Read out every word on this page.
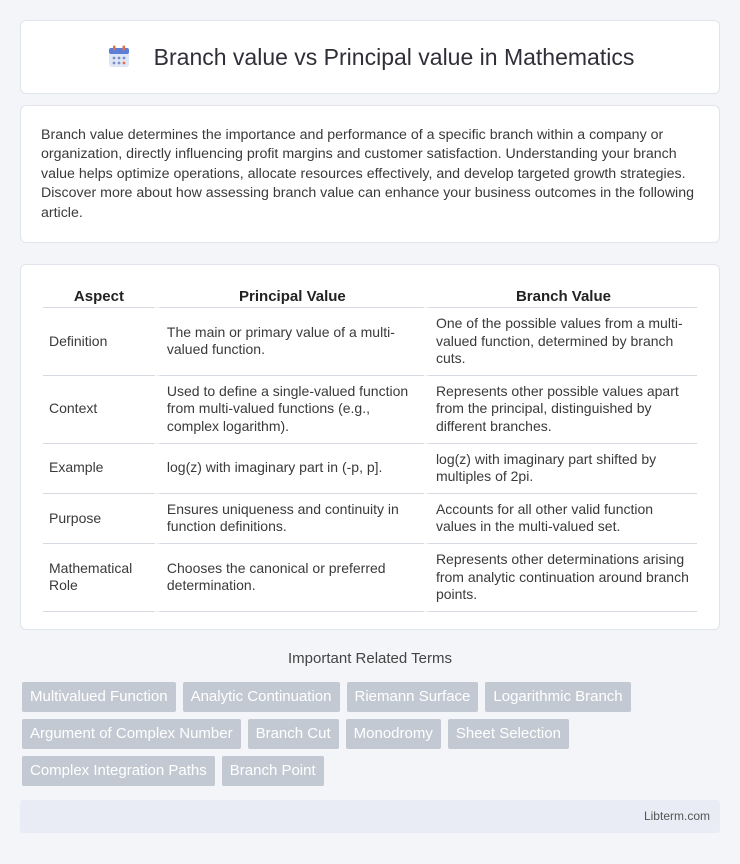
Branch value vs Principal value in Mathematics

Branch value determines the importance and performance of a specific branch within a company or organization, directly influencing profit margins and customer satisfaction. Understanding your branch value helps optimize operations, allocate resources effectively, and develop targeted growth strategies. Discover more about how assessing branch value can enhance your business outcomes in the following article.

Aspect	Principal Value	Branch Value
Definition	The main or primary value of a multi-valued function.	One of the possible values from a multi-valued function, determined by branch cuts.
Context	Used to define a single-valued function from multi-valued functions (e.g., complex logarithm).	Represents other possible values apart from the principal, distinguished by different branches.
Example	log(z) with imaginary part in (-p, p].	log(z) with imaginary part shifted by multiples of 2pi.
Purpose	Ensures uniqueness and continuity in function definitions.	Accounts for all other valid function values in the multi-valued set.
Mathematical Role	Chooses the canonical or preferred determination.	Represents other determinations arising from analytic continuation around branch points.
Important Related Terms
Multivalued Function	Analytic Continuation	Riemann Surface	Logarithmic Branch
Argument of Complex Number	Branch Cut	Monodromy	Sheet Selection
Complex Integration Paths	Branch Point
Libterm.com
